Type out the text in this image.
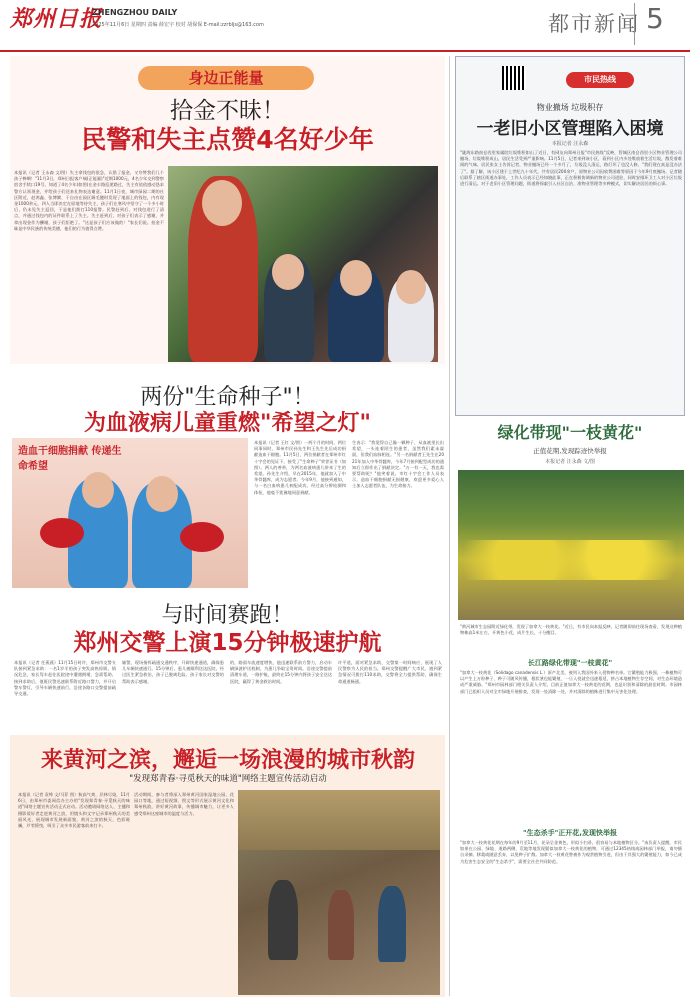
郑州日报
ZHENGZHOU DAILY
2025年11月6日 星期四 责编 薛宏宇 校对 胡保保 E-mail:zzrbljs@163.com	都市新闻 5
身边正能量
拾金不昧！
民警和失主点赞4名好少年
本报讯（记者 王永森 文/图）失主拿钱包的很急，认错了报金，又夸赞我们几个孩子棒啊！"11月3日，郑州日报客户端(正能量)"近期1000元，4名少年交到警察宿舍手续口19号，知道了4名少年(如图)在金丰路巡逻路过，失主有依依感动恳求警方认领现金，并给孩子们送来礼物表达谢意。11月1日夜，城市绿园二期的社区附近，赵鸿鑫、张博腾、于自由在园区踢毛毽时发现了地面上的钱包，内有现金1000余元，四人当即决定在原地等待失主，孩子们在寒风中坚守了一个多小时后，仍未见失主返回，于是他们拨打110报警。民警赶到后，对钱包进行了清点，并通过钱包内的证件联系上了失主。失主赶到后，对孩子们表示了感谢，并拿出现金作为酬谢，孩子们拒绝了。"这是孩子们应该做的！"家长们说。拾金不昧是中华民族的传统美德，他们的行为值得点赞。
两份"生命种子"！
为血液病儿童重燃"希望之灯"
造血干细胞捐献 传递生命希望
本报讯（记者 王红 文/图）一两个月的时间，两位同事同时，郑州市民孙先生和王先生先后成功捐献造血干细胞。11月5日，两位捐献者在郑州市红十字会的见证下，接受了"生命种子"荣誉证书（如图）。两人的善举，为两名血液病患儿带来了生的希望。孙先生介绍，早在2015年，他就加入了中华骨髓库，成为志愿者。今年9月，他接到通知，与一名白血病患儿初配成功。经过高分辨检测和体检，他毫不犹豫地同意捐献。
生表示："我觉得自己像一颗种子，从血液里长出希望，一头连着陌生的患者，虽然我们素未谋面，但我们血脉相连。"另一名捐献者王先生在2021年加入中华骨髓库，今年7月接到配型成功的通知后立即作出了捐献决定。"万一有一天，我也需要帮助呢？"他笑着说。市红十字会工作人员表示，造血干细胞捐献无损健康，欢迎更多爱心人士加入志愿者队伍，为生命接力。
与时间赛跑！
郑州交警上演15分钟极速护航
本报讯（记者 任燕燕）11月15日时许，郑州市交警支队接到紧急求助：一名1岁半的孩子突发高热惊厥，情况危急，家长驾车赶往医院途中遭遇拥堵，急需帮助。接到求助后，值班民警迅速联系附近路口警力，并开启警车警灯，引导车辆快速前行，沿途各路口交警提前疏导交通。
辅警，现场指挥疏通交通秩序，开辟快速通道，确保患儿车辆快速通行。15分钟后，患儿被顺利送达医院，经过医生紧急救治，孩子已脱离危险。孩子家长对交警的帮助表示感谢。
的，路面车流速度增快，他迅速联系前方警力，启动车辆绿波护送机制，为患儿争取宝贵时间。沿途交警提前清理车道，一路护航，最终在15分钟内将孩子安全送达医院，赢得了黄金救治时间。
许平道，面对紧急求助，交警第一时间响应，展现了人民警察为人民的担当。郑州交警提醒广大市民，遇到紧急情况可拨打110求助，交警将全力提供帮助，确保生命通道畅通。
来黄河之滨，邂逅一场浪漫的城市秋韵
"发现郑青春·寻觅秋天的味道"网络主题宣传活动启动
本报讯（记者 袁峥 文/马菲 图）秋高气爽、层林尽染，11月6日，由郑州市委网信办主办的"发现郑青春·寻觅秋天的味道"网络主题宣传活动正式启动。活动邀请网络达人、主播和摄影爱好者走进黄河之滨，用镜头和文字记录郑州秋天的美丽风光，展现城市发展新面貌。黄河之滨的秋天，色彩斑斓，芦苇摇曳，吸引了众多市民游客前来打卡。
活动期间，参与者将深入郑州黄河国家湿地公园、花园口等地，通过短视频、图文等形式展示黄河文化和郑州秋韵，讲好黄河故事，传播城市魅力，让更多人感受郑州这座城市的温度与活力。
市民热线
物业撤场 垃圾积存
一老旧小区管理陷入困境
本报记者 汪永森
"陇海东路南仓西里家属院垃圾堆积如山了近日，有网友向郑州日报"市民热线"反映，管城区南仓西里小区物业管理公司撤场，垃圾堆积成山，居民生活受到严重影响。11月5日，记者来到该小区，看到小区内多处堆放着生活垃圾，散发着难闻的气味。居民张女士告诉记者，物业撤场已经一个多月了，垃圾没人清运，路灯坏了也没人修，"我们现在真是没办法了"。据了解，该小区建于上世纪九十年代，共有居民200余户，原物业公司因收费困难等原因于今年9月底撤场。记者随后联系了辖区街道办事处，工作人员表示已经知晓此事，正在积极协调新的物业公司进驻，同时安排环卫工人对小区垃圾进行清运。对于老旧小区管理问题，街道将探索引入社区自治、准物业管理等多种模式，切实解决居民的烦心事。
绿化带现"一枝黄花"
正值花期,发现踪迹快举报
本报记者 汪永森 文/图
"黄河城市生态园附近绿化带，发现了加拿大一枝黄花。"近日，有市民向本报反映。记者随即前往现场查看，发现这种植物株高1米左右，开黄色小花，成片生长，十分醒目。
长江路绿化带现"一枝黄花"
"加拿大一枝黄花（Solidago canadensis L.）原产北美，被列入我国外来入侵物种名单。它繁殖能力极强，一株植物可以产生上万粒种子，种子可随风传播，根状茎也能繁殖，一旦入侵就会迅速蔓延，挤占本地植物生存空间，对生态环境造成严重威胁。"郑州市园林部门相关负责人介绍，目前正值加拿大一枝黄花的花期，也是识别和清除的最佳时期。市园林部门已组织人员对全市绿地开展排查，发现一处清除一处，并对清除的植株进行集中无害化处理。
"生态杀手"正开花,发现快举报
"加拿大一枝黄花花期在每年的9月至11月，花朵呈金黄色，形似小扫帚，很容易与本地植物区分。"该负责人提醒，市民如果在公园、绿地、道路两侧、荒地等地发现疑似加拿大一枝黄花的植物，可通过12345热线或园林部门举报，请勿擅自采摘、移栽或随意丢弃，以免种子扩散。加拿大一枝黄花曾被作为观赏植物引进，但由于其强大的繁殖能力，如今已成为危害生态安全的"生态杀手"，需要全社会共同防范。
